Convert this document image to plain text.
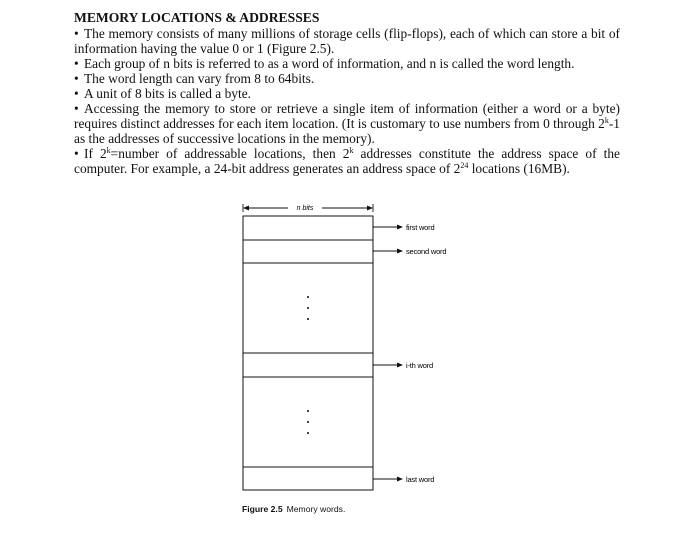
MEMORY LOCATIONS & ADDRESSES

• The memory consists of many millions of storage cells (flip-flops), each of which can store a bit of information having the value 0 or 1 (Figure 2.5).

• Each group of n bits is referred to as a word of information, and n is called the word length.

• The word length can vary from 8 to 64bits.

• A unit of 8 bits is called a byte.

• Accessing the memory to store or retrieve a single item of information (either a word or a byte) requires distinct addresses for each item location. (It is customary to use numbers from 0 through 2$^k$-1 as the addresses of successive locations in the memory).

• If $2^k=number$ of addressable locations, then 2$^k$ addresses constitute the address space of the computer. For example, a 24-bit address generates an address space of $2^{24}$ locations (16MB).

n bits
•
•
•
•
•
•
first word
second word
i-th word
last word
Figure 2.5 Memory words.
